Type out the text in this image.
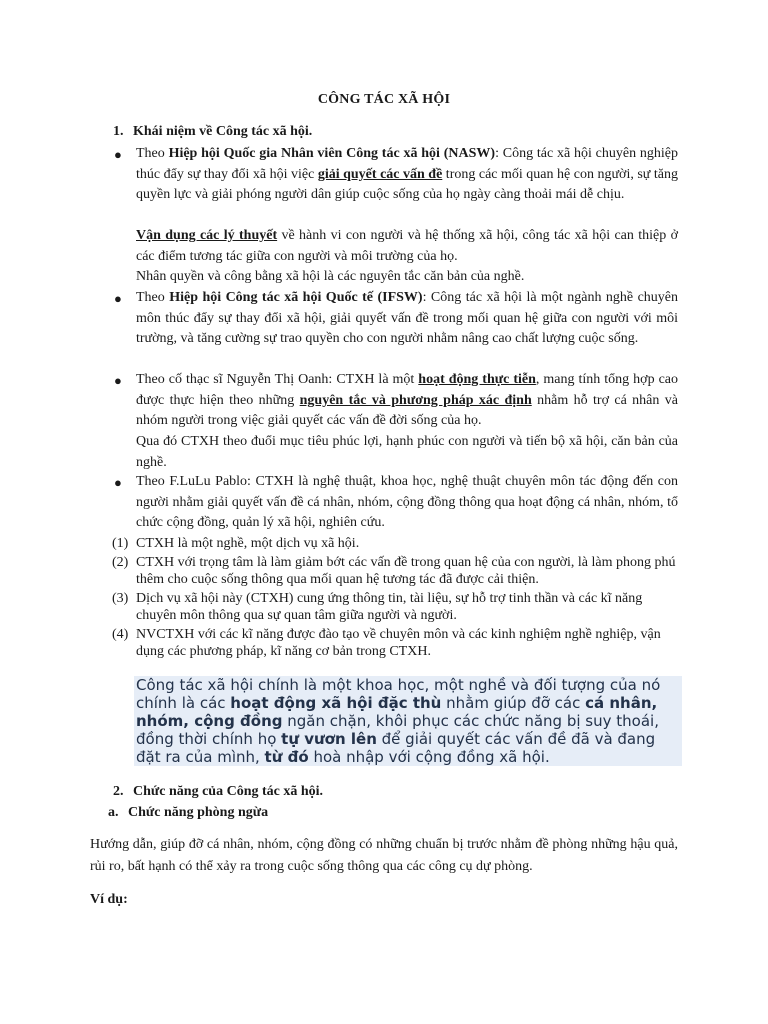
CÔNG TÁC XÃ HỘI
1. Khái niệm về Công tác xã hội.
● Theo Hiệp hội Quốc gia Nhân viên Công tác xã hội (NASW): Công tác xã hội chuyên nghiệp thúc đẩy sự thay đổi xã hội việc giải quyết các vấn đề trong các mối quan hệ con người, sự tăng quyền lực và giải phóng người dân giúp cuộc sống của họ ngày càng thoải mái dễ chịu.
Vận dụng các lý thuyết về hành vi con người và hệ thống xã hội, công tác xã hội can thiệp ở các điểm tương tác giữa con người và môi trường của họ.
Nhân quyền và công bằng xã hội là các nguyên tắc căn bản của nghề.
● Theo Hiệp hội Công tác xã hội Quốc tế (IFSW): Công tác xã hội là một ngành nghề chuyên môn thúc đẩy sự thay đổi xã hội, giải quyết vấn đề trong mối quan hệ giữa con người với môi trường, và tăng cường sự trao quyền cho con người nhằm nâng cao chất lượng cuộc sống.
● Theo cố thạc sĩ Nguyễn Thị Oanh: CTXH là một hoạt động thực tiễn, mang tính tổng hợp cao được thực hiện theo những nguyên tắc và phương pháp xác định nhằm hỗ trợ cá nhân và nhóm người trong việc giải quyết các vấn đề đời sống của họ.
Qua đó CTXH theo đuổi mục tiêu phúc lợi, hạnh phúc con người và tiến bộ xã hội, căn bản của nghề.
● Theo F.LuLu Pablo: CTXH là nghệ thuật, khoa học, nghệ thuật chuyên môn tác động đến con người nhằm giải quyết vấn đề cá nhân, nhóm, cộng đồng thông qua hoạt động cá nhân, nhóm, tổ chức cộng đồng, quản lý xã hội, nghiên cứu.
(1) CTXH là một nghề, một dịch vụ xã hội.
(2) CTXH với trọng tâm là làm giảm bớt các vấn đề trong quan hệ của con người, là làm phong phú thêm cho cuộc sống thông qua mối quan hệ tương tác đã được cải thiện.
(3) Dịch vụ xã hội này (CTXH) cung ứng thông tin, tài liệu, sự hỗ trợ tinh thần và các kĩ năng chuyên môn thông qua sự quan tâm giữa người và người.
(4) NVCTXH với các kĩ năng được đào tạo về chuyên môn và các kinh nghiệm nghề nghiệp, vận dụng các phương pháp, kĩ năng cơ bản trong CTXH.
Công tác xã hội chính là một khoa học, một nghề và đối tượng của nó chính là các hoạt động xã hội đặc thù nhằm giúp đỡ các cá nhân, nhóm, cộng đồng ngăn chặn, khôi phục các chức năng bị suy thoái, đồng thời chính họ tự vươn lên để giải quyết các vấn đề đã và đang đặt ra của mình, từ đó hoà nhập với cộng đồng xã hội.
2. Chức năng của Công tác xã hội.
a. Chức năng phòng ngừa
Hướng dẫn, giúp đỡ cá nhân, nhóm, cộng đồng có những chuẩn bị trước nhằm đề phòng những hậu quả, rủi ro, bất hạnh có thể xảy ra trong cuộc sống thông qua các công cụ dự phòng.
Ví dụ:
